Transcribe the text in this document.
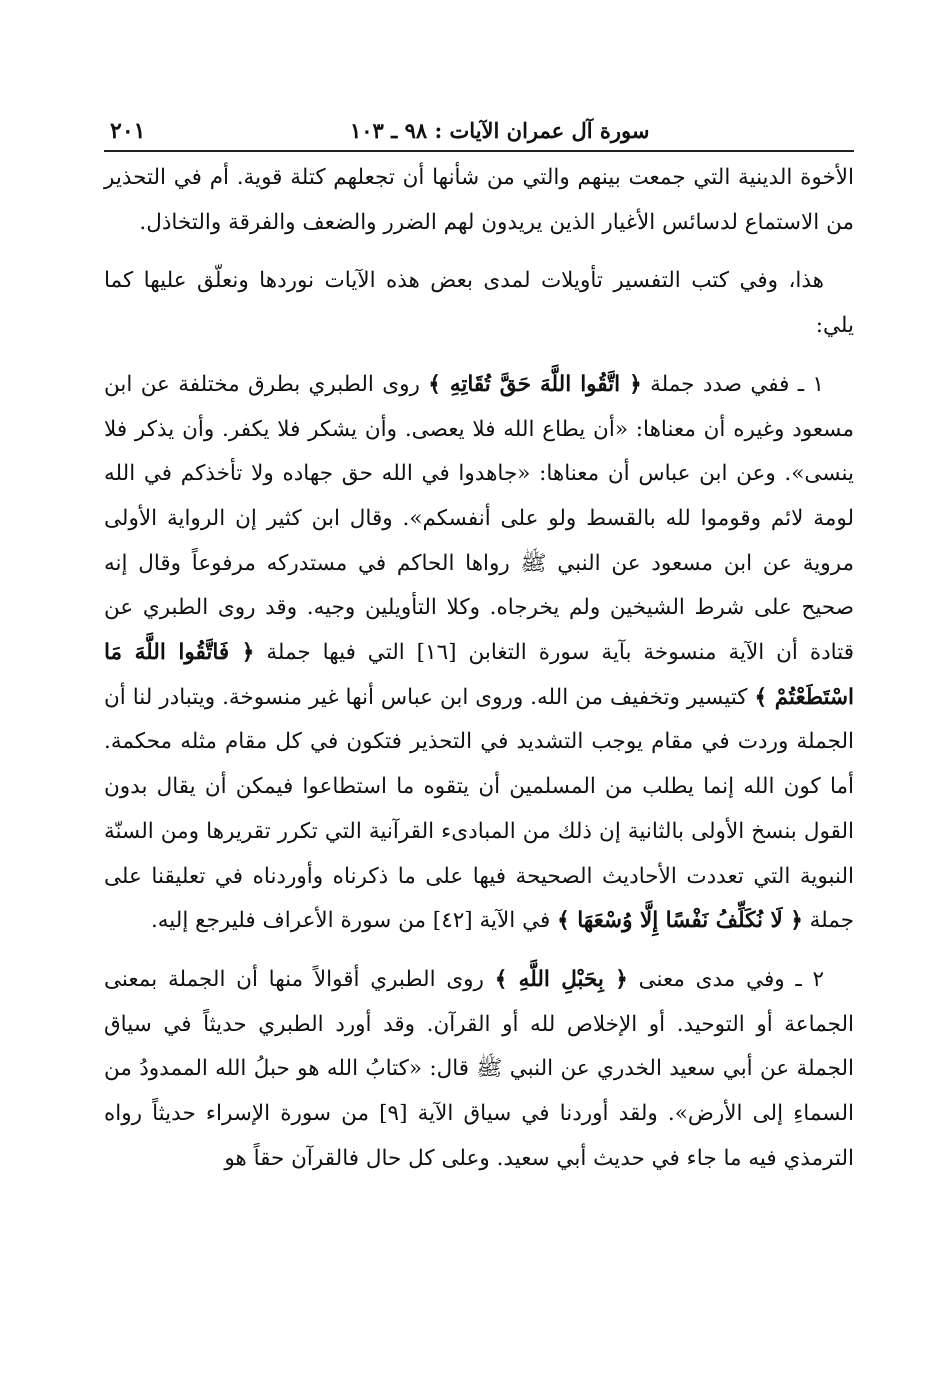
سورة آل عمران الآيات : ٩٨ ـ ١٠٣
٢٠١

الأخوة الدينية التي جمعت بينهم والتي من شأنها أن تجعلهم كتلة قوية. أم في التحذير من الاستماع لدسائس الأغيار الذين يريدون لهم الضرر والضعف والفرقة والتخاذل.

هذا، وفي كتب التفسير تأويلات لمدى بعض هذه الآيات نوردها ونعلّق عليها كما يلي:

١ ـ ففي صدد جملة ﴿ اتَّقُوا اللَّهَ حَقَّ تُقَاتِهِ ﴾ روى الطبري بطرق مختلفة عن ابن مسعود وغيره أن معناها: «أن يطاع الله فلا يعصى. وأن يشكر فلا يكفر. وأن يذكر فلا ينسى». وعن ابن عباس أن معناها: «جاهدوا في الله حق جهاده ولا تأخذكم في الله لومة لائم وقوموا لله بالقسط ولو على أنفسكم». وقال ابن كثير إن الرواية الأولى مروية عن ابن مسعود عن النبي ﷺ رواها الحاكم في مستدركه مرفوعاً وقال إنه صحيح على شرط الشيخين ولم يخرجاه. وكلا التأويلين وجيه. وقد روى الطبري عن قتادة أن الآية منسوخة بآية سورة التغابن [١٦] التي فيها جملة ﴿ فَاتَّقُوا اللَّهَ مَا اسْتَطَعْتُمْ ﴾ كتيسير وتخفيف من الله. وروى ابن عباس أنها غير منسوخة. ويتبادر لنا أن الجملة وردت في مقام يوجب التشديد في التحذير فتكون في كل مقام مثله محكمة. أما كون الله إنما يطلب من المسلمين أن يتقوه ما استطاعوا فيمكن أن يقال بدون القول بنسخ الأولى بالثانية إن ذلك من المبادىء القرآنية التي تكرر تقريرها ومن السنّة النبوية التي تعددت الأحاديث الصحيحة فيها على ما ذكرناه وأوردناه في تعليقنا على جملة ﴿ لَا نُكَلِّفُ نَفْسًا إِلَّا وُسْعَهَا ﴾ في الآية [٤٢] من سورة الأعراف فليرجع إليه.

٢ ـ وفي مدى معنى ﴿ بِحَبْلِ اللَّهِ ﴾ روى الطبري أقوالاً منها أن الجملة بمعنى الجماعة أو التوحيد. أو الإخلاص لله أو القرآن. وقد أورد الطبري حديثاً في سياق الجملة عن أبي سعيد الخدري عن النبي ﷺ قال: «كتابُ الله هو حبلُ الله الممدودُ من السماءِ إلى الأرض». ولقد أوردنا في سياق الآية [٩] من سورة الإسراء حديثاً رواه الترمذي فيه ما جاء في حديث أبي سعيد. وعلى كل حال فالقرآن حقاً هو
